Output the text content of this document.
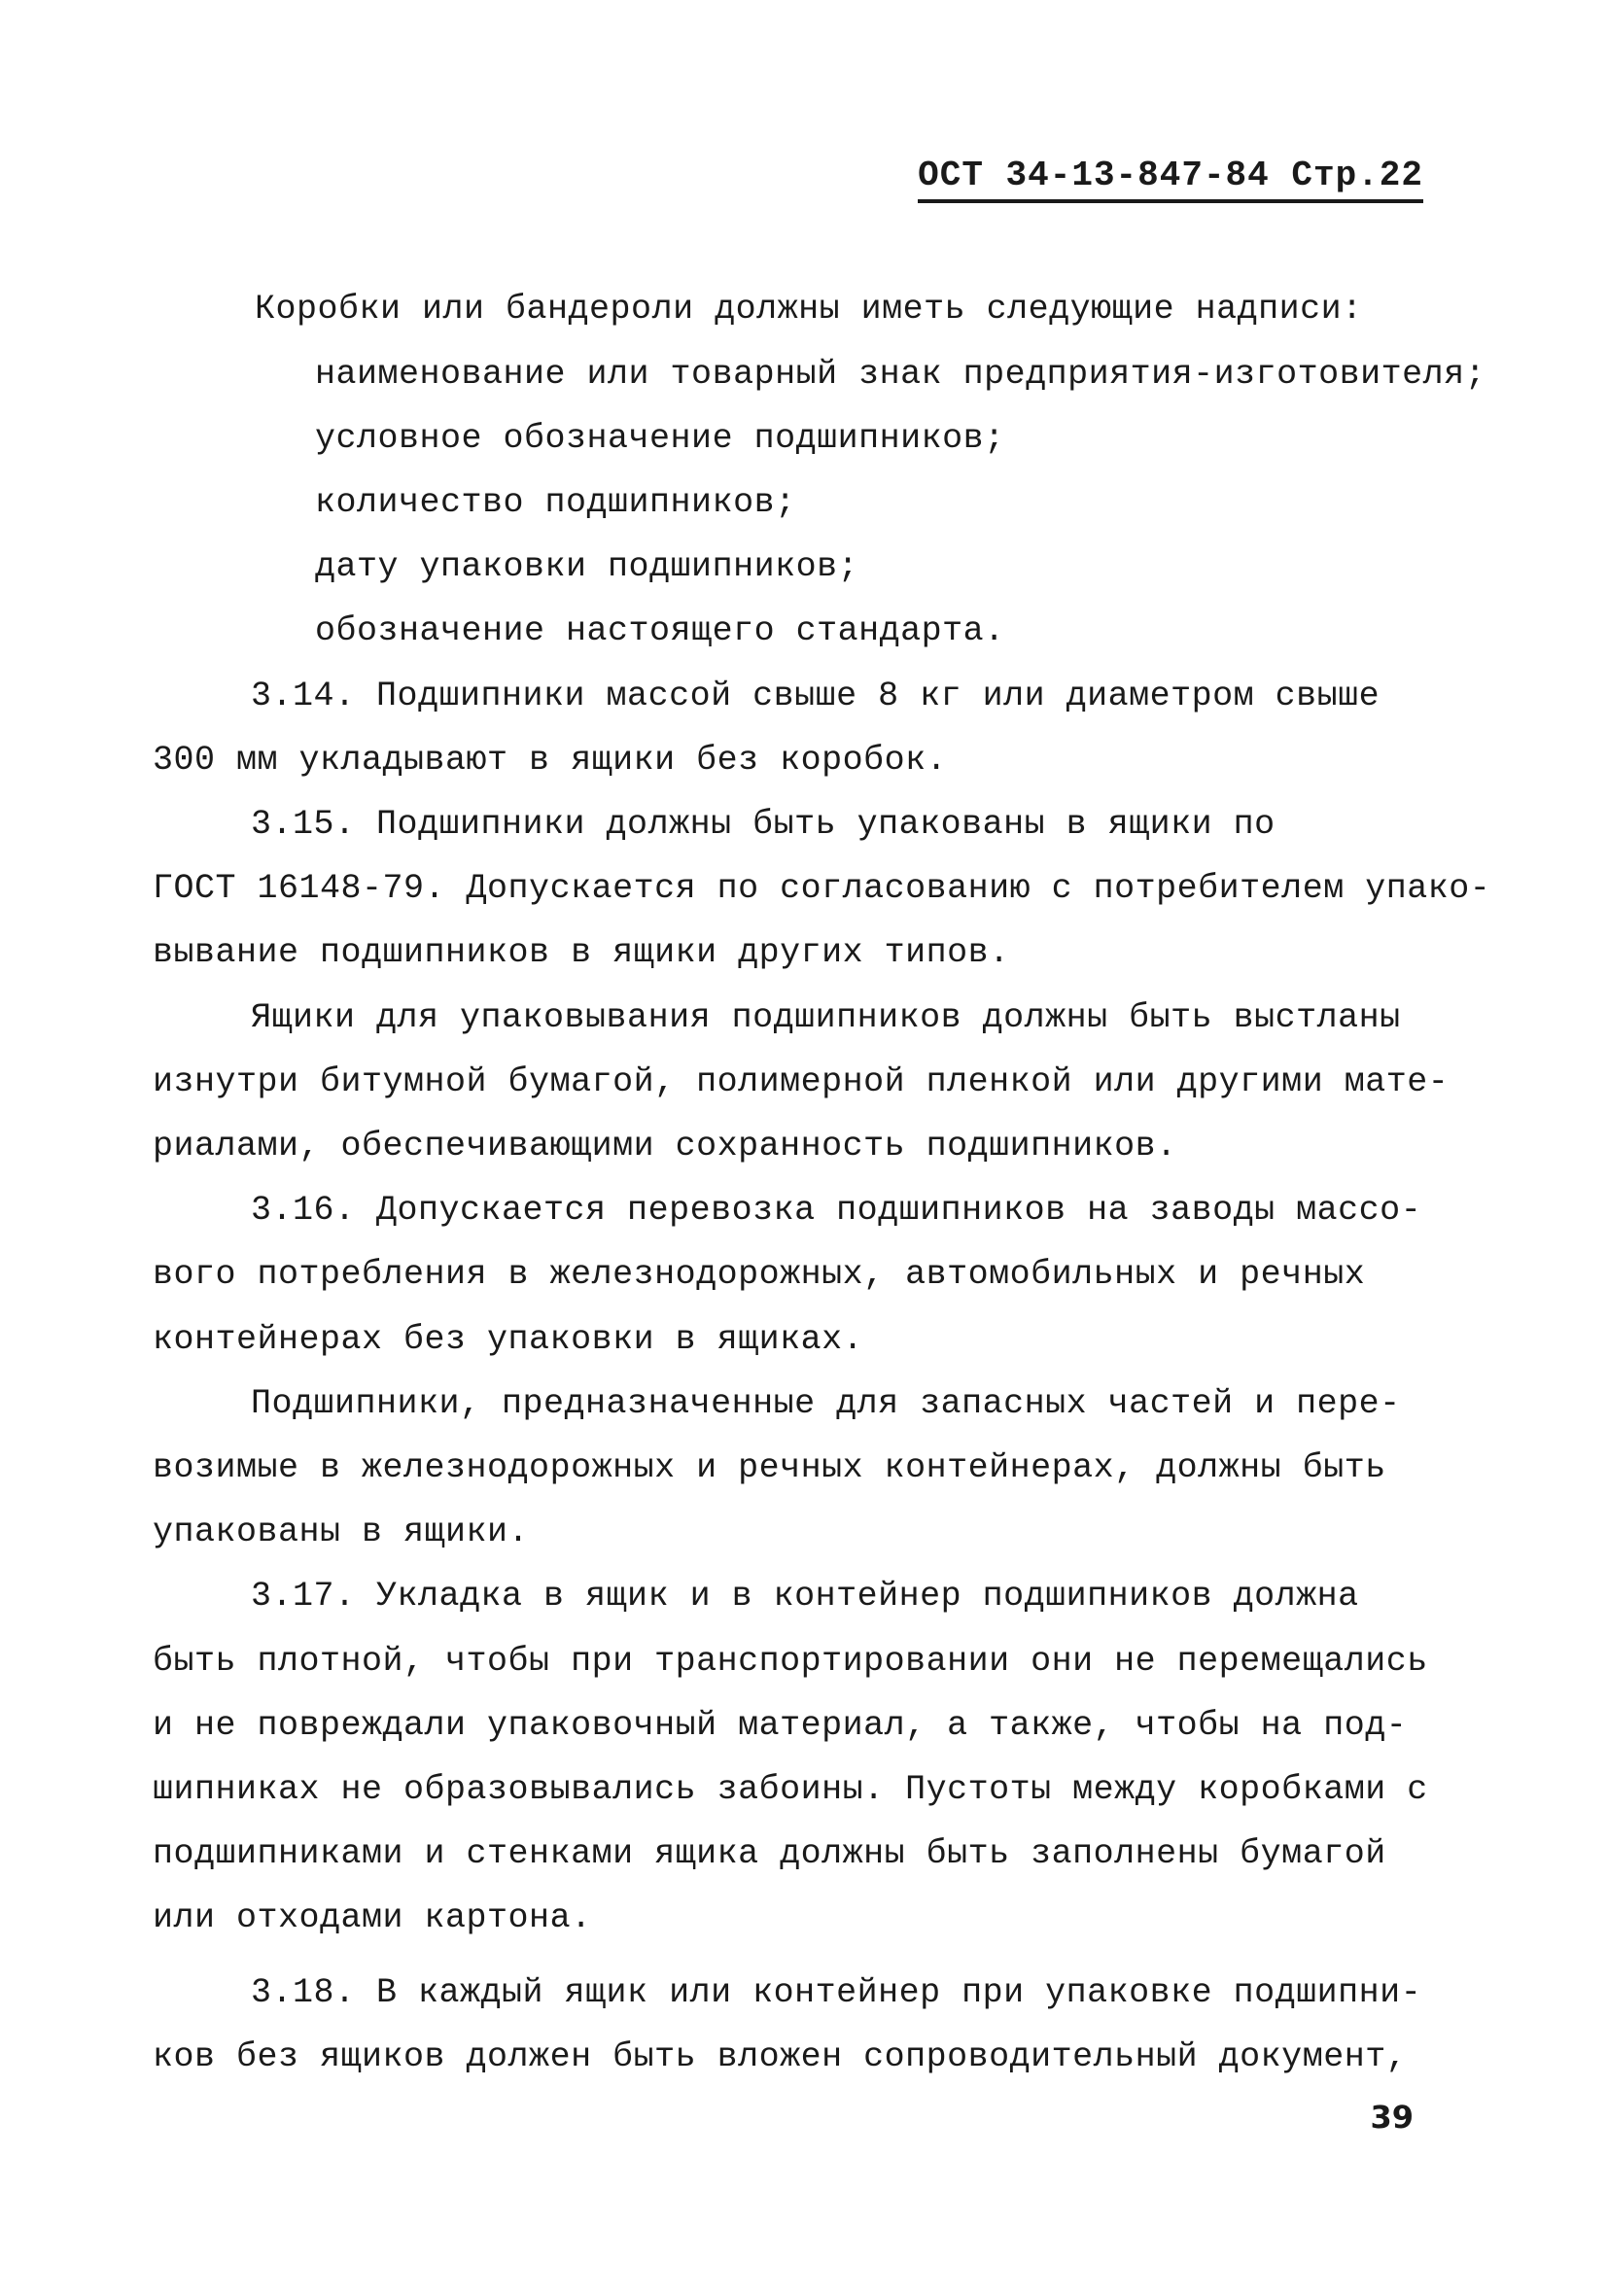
ОСТ 34-13-847-84 Стр.22
Коробки или бандероли должны иметь следующие надписи:
наименование или товарный знак предприятия-изготовителя;
условное обозначение подшипников;
количество подшипников;
дату упаковки подшипников;
обозначение настоящего стандарта.
3.14. Подшипники массой свыше 8 кг или диаметром свыше
300 мм укладывают в ящики без коробок.
3.15. Подшипники должны быть упакованы в ящики по
ГОСТ 16148-79. Допускается по согласованию с потребителем упако-
вывание подшипников в ящики других типов.
Ящики для упаковывания подшипников должны быть выстланы
изнутри битумной бумагой, полимерной пленкой или другими мате-
риалами, обеспечивающими сохранность подшипников.
3.16. Допускается перевозка подшипников на заводы массо-
вого потребления в железнодорожных, автомобильных и речных
контейнерах без упаковки в ящиках.
Подшипники, предназначенные для запасных частей и пере-
возимые в железнодорожных и речных контейнерах, должны быть
упакованы в ящики.
3.17. Укладка в ящик и в контейнер подшипников должна
быть плотной, чтобы при транспортировании они не перемещались
и не повреждали упаковочный материал, а также, чтобы на под-
шипниках не образовывались забоины. Пустоты между коробками с
подшипниками и стенками ящика должны быть заполнены бумагой
или отходами картона.
3.18. В каждый ящик или контейнер при упаковке подшипни-
ков без ящиков должен быть вложен сопроводительный документ,
39
